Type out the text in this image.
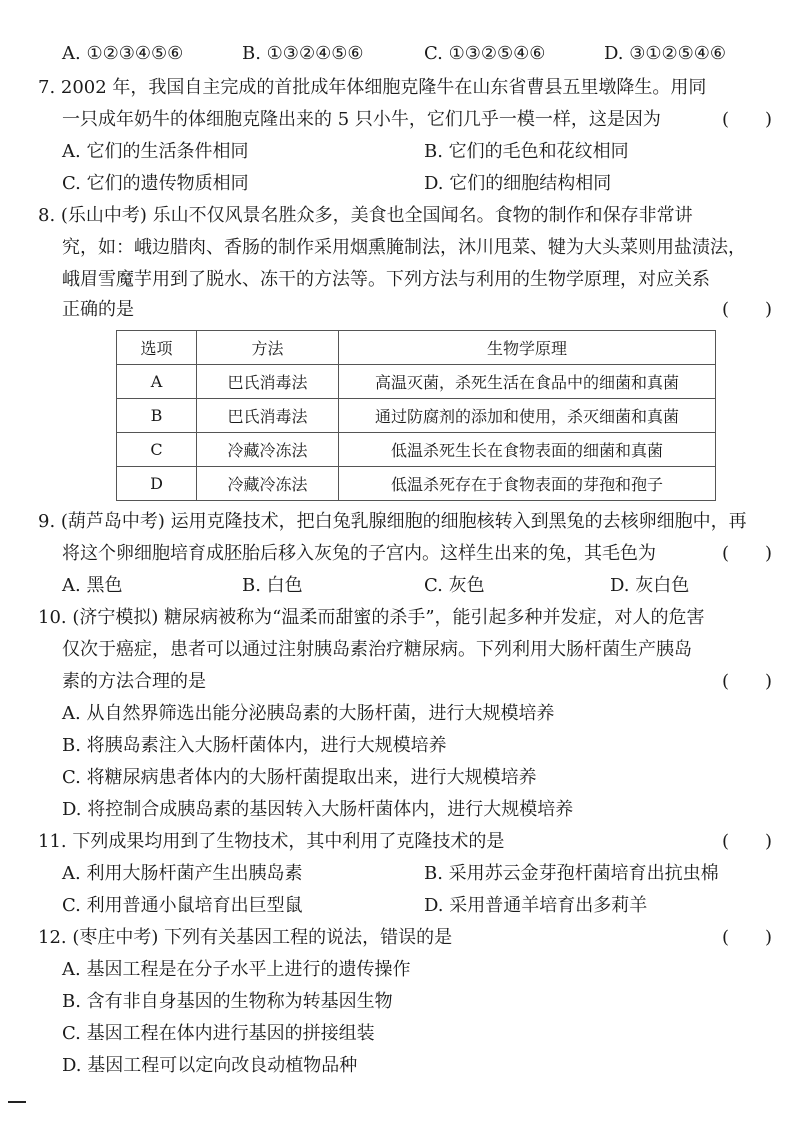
A. ①②③④⑤⑥	B. ①③②④⑤⑥	C. ①③②⑤④⑥	D. ③①②⑤④⑥
7. 2002 年，我国自主完成的首批成年体细胞克隆牛在山东省曹县五里墩降生。用同
一只成年奶牛的体细胞克隆出来的 5 只小牛，它们几乎一模一样，这是因为	(　　)
A. 它们的生活条件相同	B. 它们的毛色和花纹相同
C. 它们的遗传物质相同	D. 它们的细胞结构相同
8. (乐山中考) 乐山不仅风景名胜众多，美食也全国闻名。食物的制作和保存非常讲
究，如：峨边腊肉、香肠的制作采用烟熏腌制法，沐川甩菜、犍为大头菜则用盐渍法，
峨眉雪魔芋用到了脱水、冻干的方法等。下列方法与利用的生物学原理，对应关系
正确的是	(　　)
选项	方法	生物学原理
A	巴氏消毒法	高温灭菌，杀死生活在食品中的细菌和真菌
B	巴氏消毒法	通过防腐剂的添加和使用，杀灭细菌和真菌
C	冷藏冷冻法	低温杀死生长在食物表面的细菌和真菌
D	冷藏冷冻法	低温杀死存在于食物表面的芽孢和孢子
9. (葫芦岛中考) 运用克隆技术，把白兔乳腺细胞的细胞核转入到黑兔的去核卵细胞中，再
将这个卵细胞培育成胚胎后移入灰兔的子宫内。这样生出来的兔，其毛色为	(　　)
A. 黑色	B. 白色	C. 灰色	D. 灰白色
10. (济宁模拟) 糖尿病被称为“温柔而甜蜜的杀手”，能引起多种并发症，对人的危害
仅次于癌症，患者可以通过注射胰岛素治疗糖尿病。下列利用大肠杆菌生产胰岛
素的方法合理的是	(　　)
A. 从自然界筛选出能分泌胰岛素的大肠杆菌，进行大规模培养
B. 将胰岛素注入大肠杆菌体内，进行大规模培养
C. 将糖尿病患者体内的大肠杆菌提取出来，进行大规模培养
D. 将控制合成胰岛素的基因转入大肠杆菌体内，进行大规模培养
11. 下列成果均用到了生物技术，其中利用了克隆技术的是	(　　)
A. 利用大肠杆菌产生出胰岛素	B. 采用苏云金芽孢杆菌培育出抗虫棉
C. 利用普通小鼠培育出巨型鼠	D. 采用普通羊培育出多莉羊
12. (枣庄中考) 下列有关基因工程的说法，错误的是	(　　)
A. 基因工程是在分子水平上进行的遗传操作
B. 含有非自身基因的生物称为转基因生物
C. 基因工程在体内进行基因的拼接组装
D. 基因工程可以定向改良动植物品种
